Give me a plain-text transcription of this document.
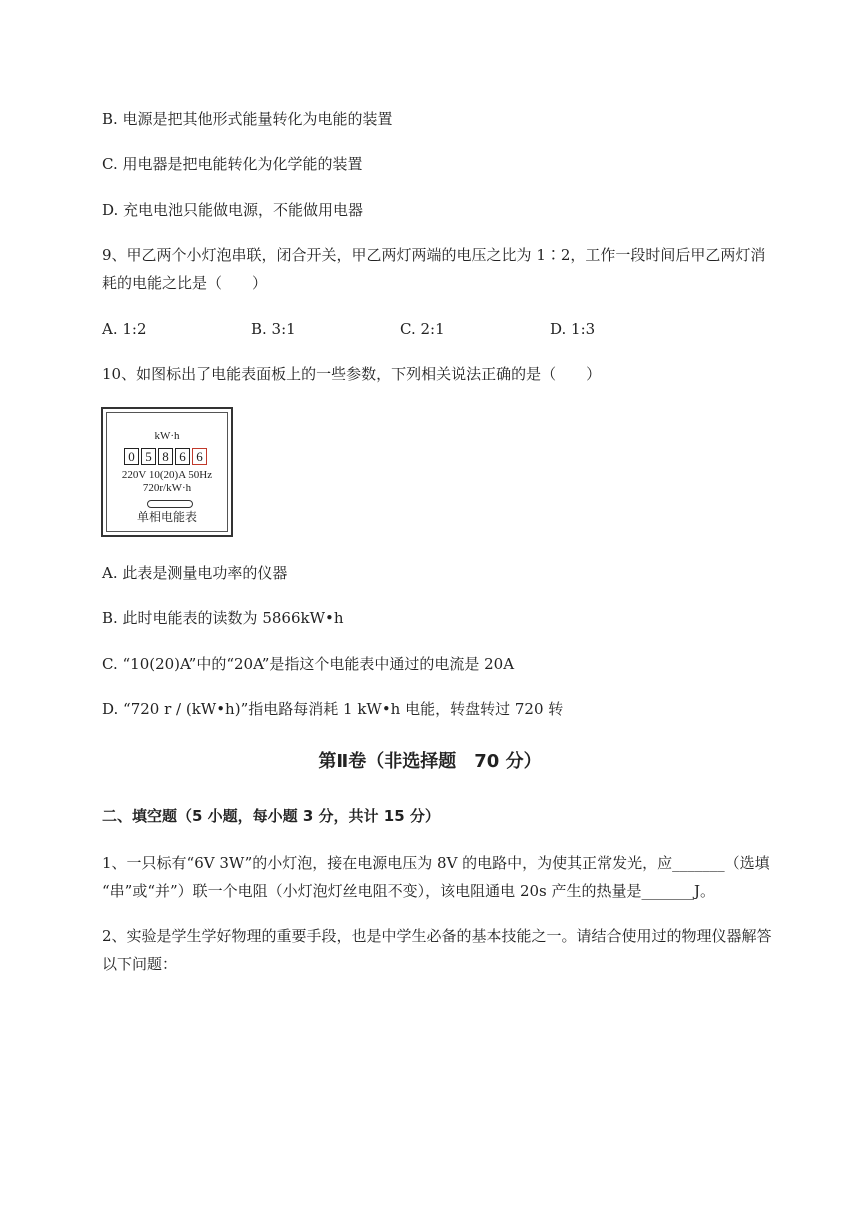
B. 电源是把其他形式能量转化为电能的装置
C. 用电器是把电能转化为化学能的装置
D. 充电电池只能做电源，不能做用电器
9、甲乙两个小灯泡串联，闭合开关，甲乙两灯两端的电压之比为 1∶2，工作一段时间后甲乙两灯消
耗的电能之比是（　　）
A. 1:2	B. 3:1	C. 2:1	D. 1:3
10、如图标出了电能表面板上的一些参数，下列相关说法正确的是（　　）
kW·h
0 5 8 6 6
220V 10(20)A 50Hz
720r/kW·h
单相电能表
A. 此表是测量电功率的仪器
B. 此时电能表的读数为 5866kW•h
C. “10(20)A”中的“20A”是指这个电能表中通过的电流是 20A
D. “720 r / (kW•h)”指电路每消耗 1 kW•h 电能，转盘转过 720 转
第Ⅱ卷（非选择题　70 分）
二、填空题（5 小题，每小题 3 分，共计 15 分）
1、一只标有“6V 3W”的小灯泡，接在电源电压为 8V 的电路中，为使其正常发光，应_______（选填
“串”或“并”）联一个电阻（小灯泡灯丝电阻不变），该电阻通电 20s 产生的热量是_______J。
2、实验是学生学好物理的重要手段，也是中学生必备的基本技能之一。请结合使用过的物理仪器解答
以下问题：
